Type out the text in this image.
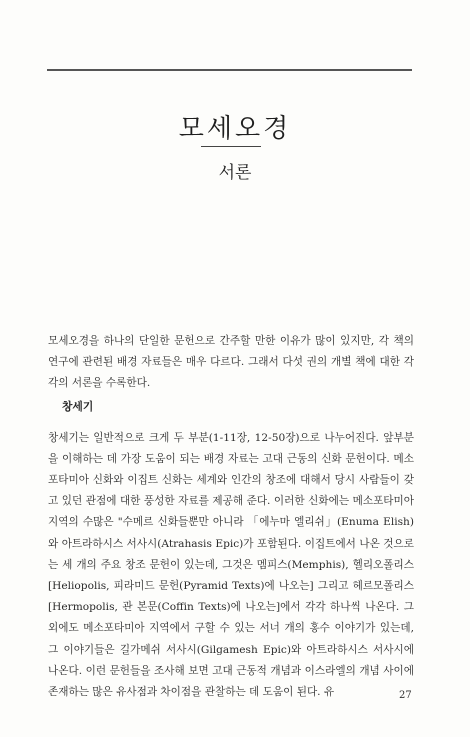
모세오경
서론

모세오경을 하나의 단일한 문헌으로 간주할 만한 이유가 많이 있지만, 각 책의 연구에 관련된 배경 자료들은 매우 다르다. 그래서 다섯 권의 개별 책에 대한 각각의 서론을 수록한다.

창세기

창세기는 일반적으로 크게 두 부분(1-11장, 12-50장)으로 나누어진다. 앞부분을 이해하는 데 가장 도움이 되는 배경 자료는 고대 근동의 신화 문헌이다. 메소포타미아 신화와 이집트 신화는 세계와 인간의 창조에 대해서 당시 사람들이 갖고 있던 관점에 대한 풍성한 자료를 제공해 준다. 이러한 신화에는 메소포타미아 지역의 수많은 "수메르 신화들뿐만 아니라 「에누마 엘리쉬」(Enuma Elish)와 아트라하시스 서사시(Atrahasis Epic)가 포함된다. 이집트에서 나온 것으로는 세 개의 주요 창조 문헌이 있는데, 그것은 멤피스(Memphis), 헬리오폴리스[Heliopolis, 피라미드 문헌(Pyramid Texts)에 나오는] 그리고 헤르모폴리스[Hermopolis, 관 본문(Coffin Texts)에 나오는]에서 각각 하나씩 나온다. 그 외에도 메소포타미아 지역에서 구할 수 있는 서너 개의 홍수 이야기가 있는데, 그 이야기들은 길가메쉬 서사시(Gilgamesh Epic)와 아트라하시스 서사시에 나온다. 이런 문헌들을 조사해 보면 고대 근동적 개념과 이스라엘의 개념 사이에 존재하는 많은 유사점과 차이점을 관찰하는 데 도움이 된다. 유	27
